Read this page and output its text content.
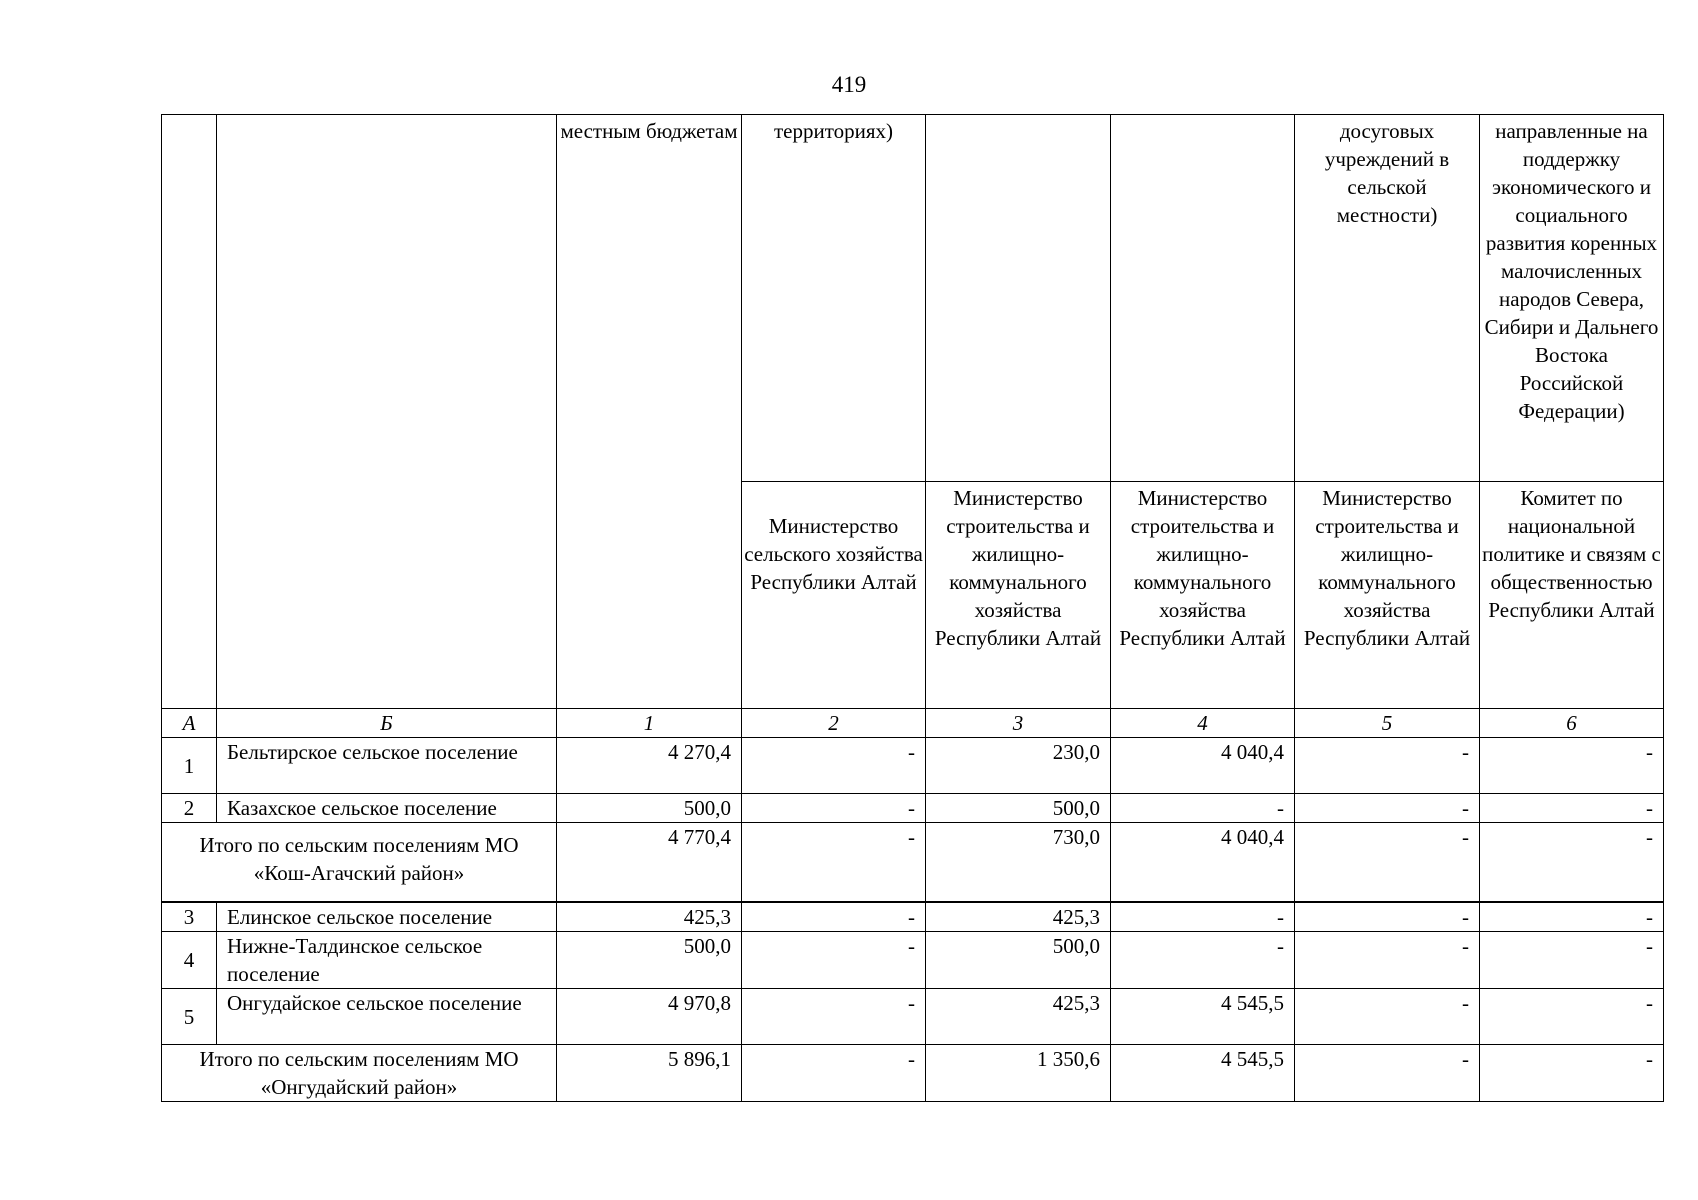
419
		местным бюджетам	территориях)			досуговых учреждений в сельской местности)	направленные на поддержку экономического и социального развития коренных малочисленных народов Севера, Сибири и Дальнего Востока Российской Федерации)
			Министерство сельского хозяйства Республики Алтай	Министерство строительства и жилищно-коммунального хозяйства Республики Алтай	Министерство строительства и жилищно-коммунального хозяйства Республики Алтай	Министерство строительства и жилищно-коммунального хозяйства Республики Алтай	Комитет по национальной политике и связям с общественностью Республики Алтай
А	Б	1	2	3	4	5	6
1	Бельтирское сельское поселение	4 270,4	-	230,0	4 040,4	-	-
2	Казахское сельское поселение	500,0	-	500,0	-	-	-
Итого по сельским поселениям МО «Кош-Агачский район»		4 770,4	-	730,0	4 040,4	-	-
3	Елинское сельское поселение	425,3	-	425,3	-	-	-
4	Нижне-Талдинское сельское поселение	500,0	-	500,0	-	-	-
5	Онгудайское сельское поселение	4 970,8	-	425,3	4 545,5	-	-
Итого по сельским поселениям МО «Онгудайский район»		5 896,1	-	1 350,6	4 545,5	-	-
